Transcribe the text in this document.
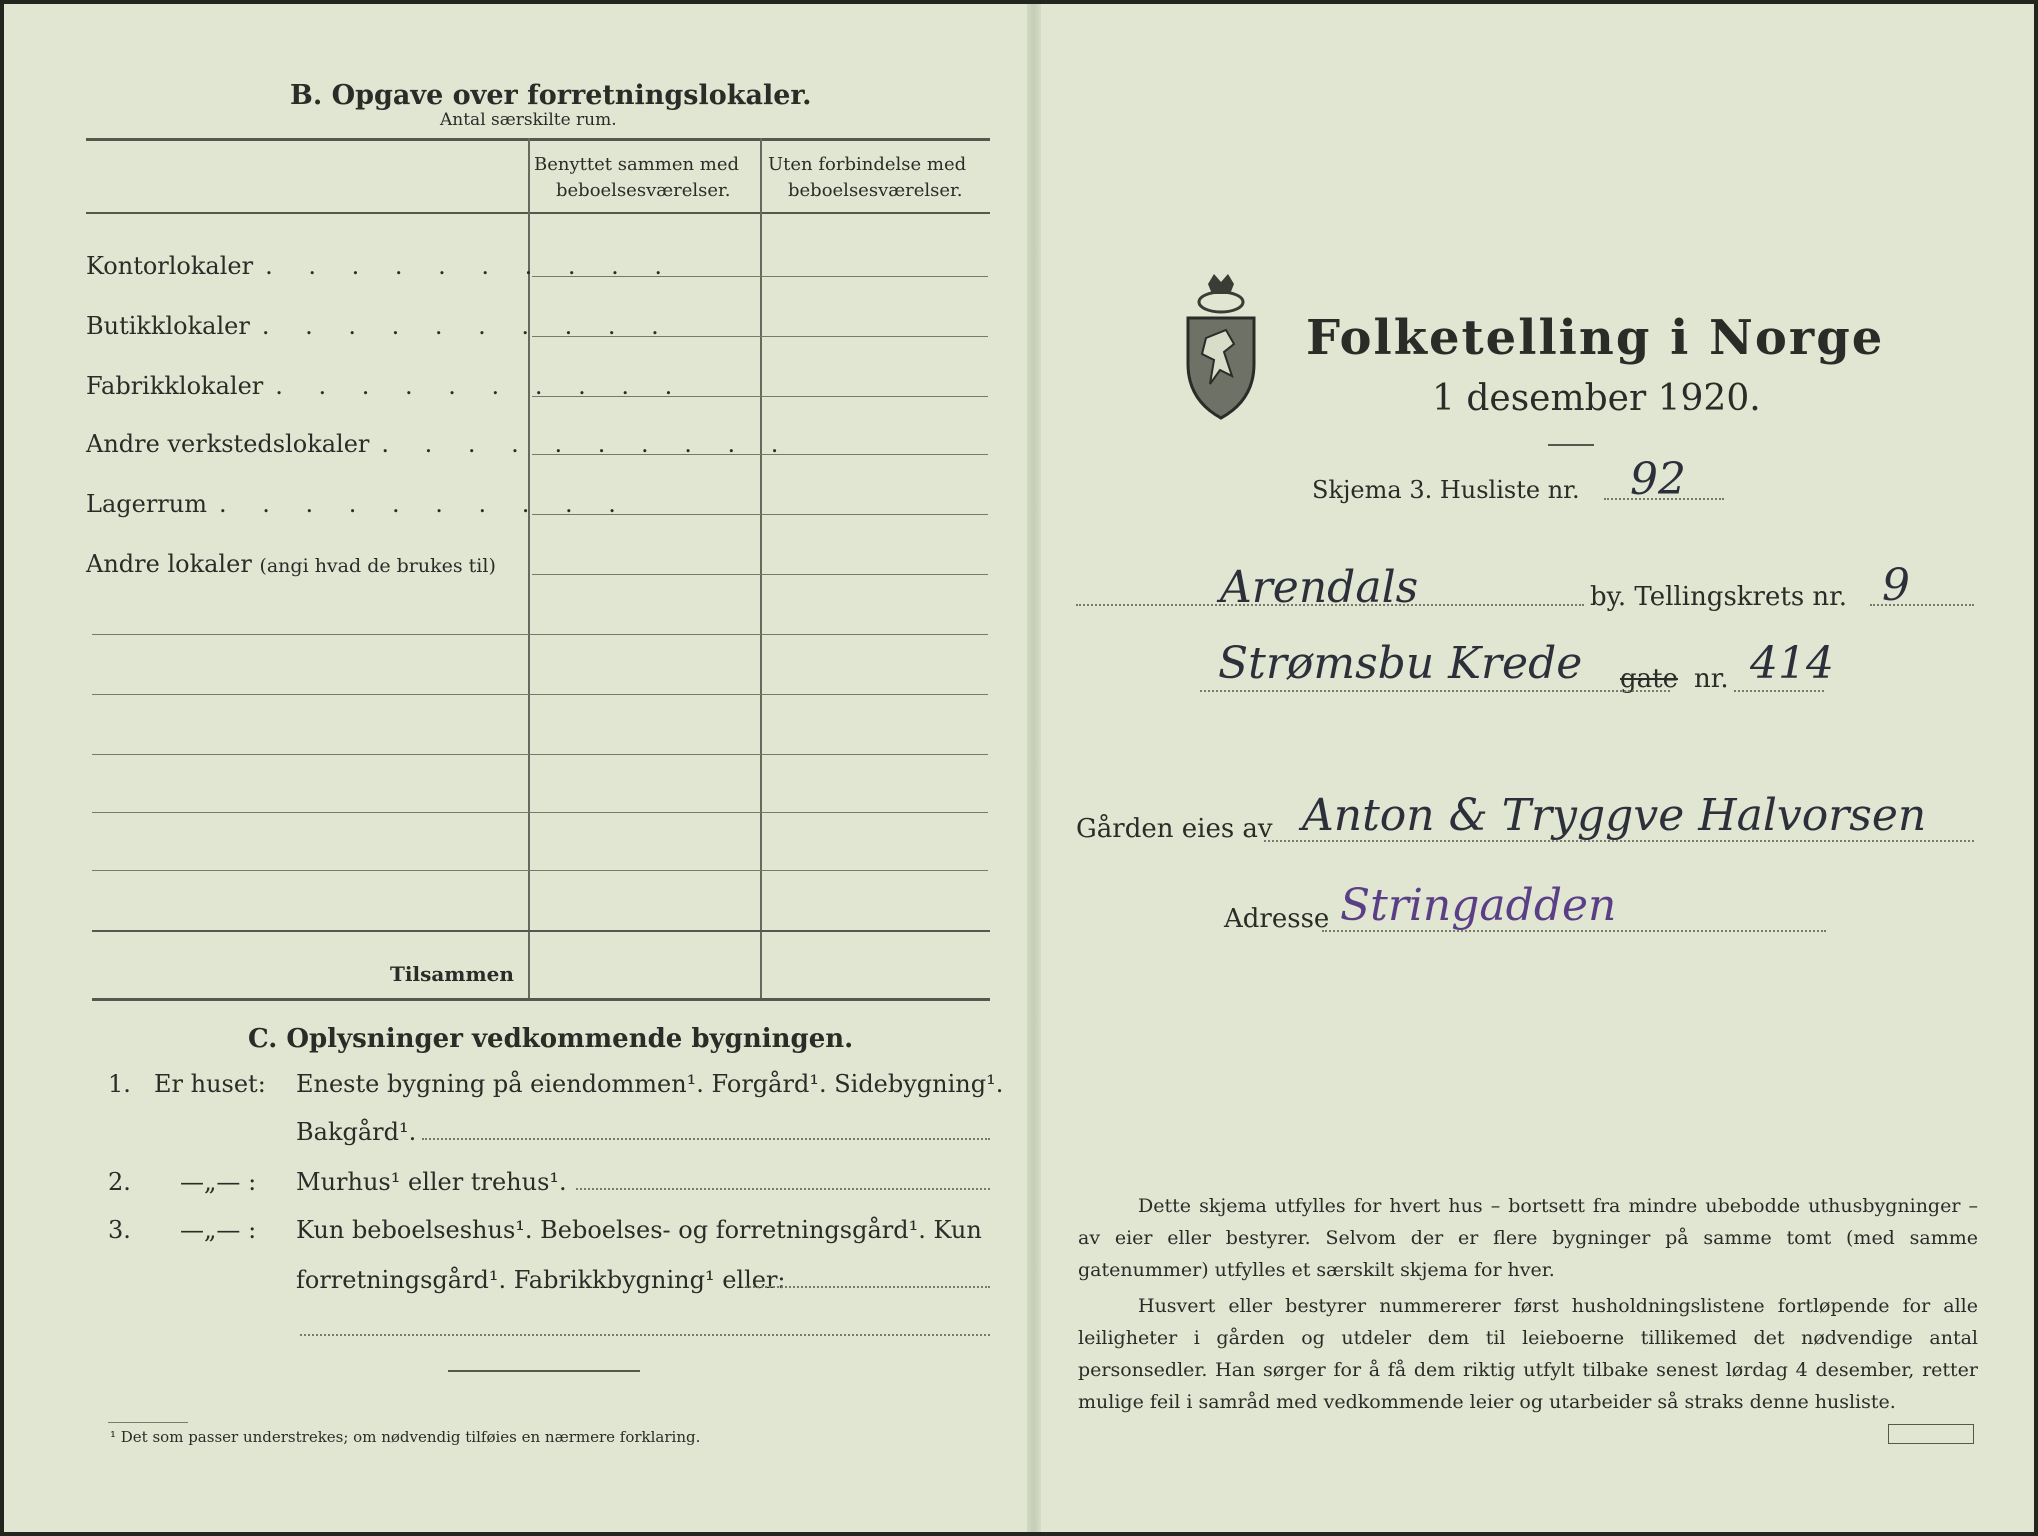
B. Opgave over forretningslokaler.
Antal særskilte rum.
Benyttet sammen med
beboelsesværelser.
Uten forbindelse med
beboelsesværelser.
Kontorlokaler . . . . . . . . . .
Butikklokaler . . . . . . . . . .
Fabrikklokaler . . . . . . . . . .
Andre verkstedslokaler . . . . . . . . . .
Lagerrum . . . . . . . . . .
Andre lokaler (angi hvad de brukes til)
Tilsammen
C. Oplysninger vedkommende bygningen.
1. Er huset: Eneste bygning på eiendommen¹. Forgård¹. Sidebygning¹.
Bakgård¹.
2. —„— : Murhus¹ eller trehus¹.
3. —„— : Kun beboelseshus¹. Beboelses- og forretningsgård¹. Kun
forretningsgård¹. Fabrikkbygning¹ eller:
¹ Det som passer understrekes; om nødvendig tilføies en nærmere forklaring.
Folketelling i Norge
1 desember 1920.
Skjema 3. Husliste nr. 92
Arendals	by. Tellingskrets nr. 9
Strømsbu Krede gate nr. 414
Gården eies av Anton & Tryggve Halvorsen
Adresse Stringadden
Dette skjema utfylles for hvert hus – bortsett fra mindre ubebodde uthusbygninger – av eier eller bestyrer. Selvom der er flere bygninger på samme tomt (med samme gatenummer) utfylles et særskilt skjema for hver.
Husvert eller bestyrer nummererer først husholdningslistene fortløpende for alle leiligheter i gården og utdeler dem til leieboerne tillikemed det nødvendige antal personsedler. Han sørger for å få dem riktig utfylt tilbake senest lørdag 4 desember, retter mulige feil i samråd med vedkommende leier og utarbeider så straks denne husliste.
